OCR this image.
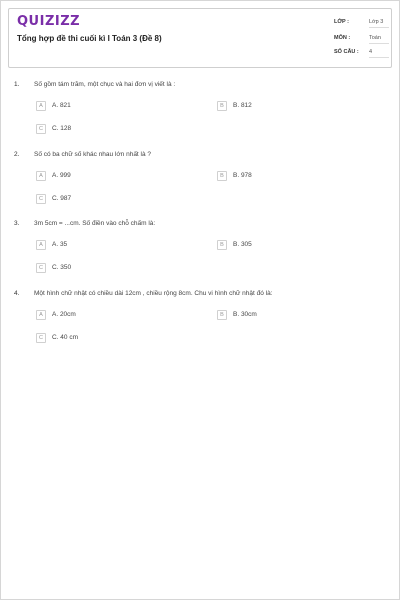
QUIZIZZ
Tổng hợp đề thi cuối kì I Toán 3 (Đề 8)
LỚP :	Lớp 3
MÔN :	Toán
SỐ CÂU : 4
1. Số gồm tám trăm, một chục và hai đơn vị viết là :
A	A. 821	B	B. 812
C	C. 128
2. Số có ba chữ số khác nhau lớn nhất là ?
A	A. 999	B	B. 978
C	C. 987
3. 3m 5cm = ...cm. Số điền vào chỗ chấm là:
A	A. 35	B	B. 305
C	C. 350
4. Một hình chữ nhật có chiều dài 12cm , chiều rộng 8cm. Chu vi hình chữ nhật đó là:
A	A. 20cm	B	B. 30cm
C	C. 40 cm
